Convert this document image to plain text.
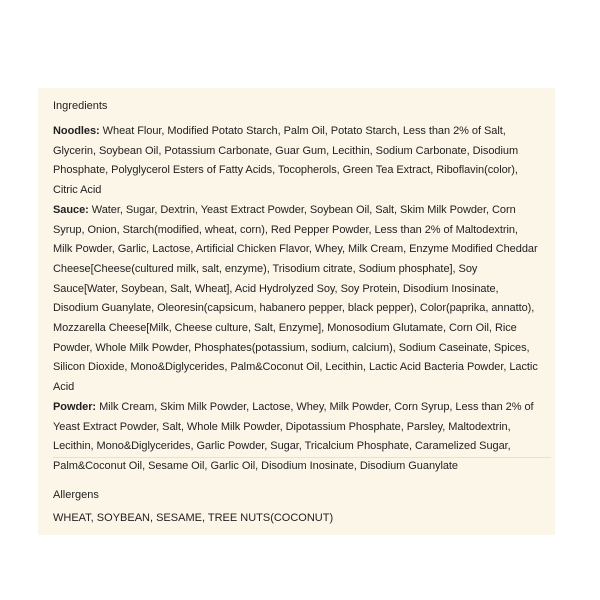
Ingredients

Noodles: Wheat Flour, Modified Potato Starch, Palm Oil, Potato Starch, Less than 2% of Salt, Glycerin, Soybean Oil, Potassium Carbonate, Guar Gum, Lecithin, Sodium Carbonate, Disodium Phosphate, Polyglycerol Esters of Fatty Acids, Tocopherols, Green Tea Extract, Riboflavin(color), Citric Acid
Sauce: Water, Sugar, Dextrin, Yeast Extract Powder, Soybean Oil, Salt, Skim Milk Powder, Corn Syrup, Onion, Starch(modified, wheat, corn), Red Pepper Powder, Less than 2% of Maltodextrin, Milk Powder, Garlic, Lactose, Artificial Chicken Flavor, Whey, Milk Cream, Enzyme Modified Cheddar Cheese[Cheese(cultured milk, salt, enzyme), Trisodium citrate, Sodium phosphate], Soy Sauce[Water, Soybean, Salt, Wheat], Acid Hydrolyzed Soy, Soy Protein, Disodium Inosinate, Disodium Guanylate, Oleoresin(capsicum, habanero pepper, black pepper), Color(paprika, annatto), Mozzarella Cheese[Milk, Cheese culture, Salt, Enzyme], Monosodium Glutamate, Corn Oil, Rice Powder, Whole Milk Powder, Phosphates(potassium, sodium, calcium), Sodium Caseinate, Spices, Silicon Dioxide, Mono&Diglycerides, Palm&Coconut Oil, Lecithin, Lactic Acid Bacteria Powder, Lactic Acid
Powder: Milk Cream, Skim Milk Powder, Lactose, Whey, Milk Powder, Corn Syrup, Less than 2% of Yeast Extract Powder, Salt, Whole Milk Powder, Dipotassium Phosphate, Parsley, Maltodextrin, Lecithin, Mono&Diglycerides, Garlic Powder, Sugar, Tricalcium Phosphate, Caramelized Sugar, Palm&Coconut Oil, Sesame Oil, Garlic Oil, Disodium Inosinate, Disodium Guanylate

Allergens
WHEAT, SOYBEAN, SESAME, TREE NUTS(COCONUT)
